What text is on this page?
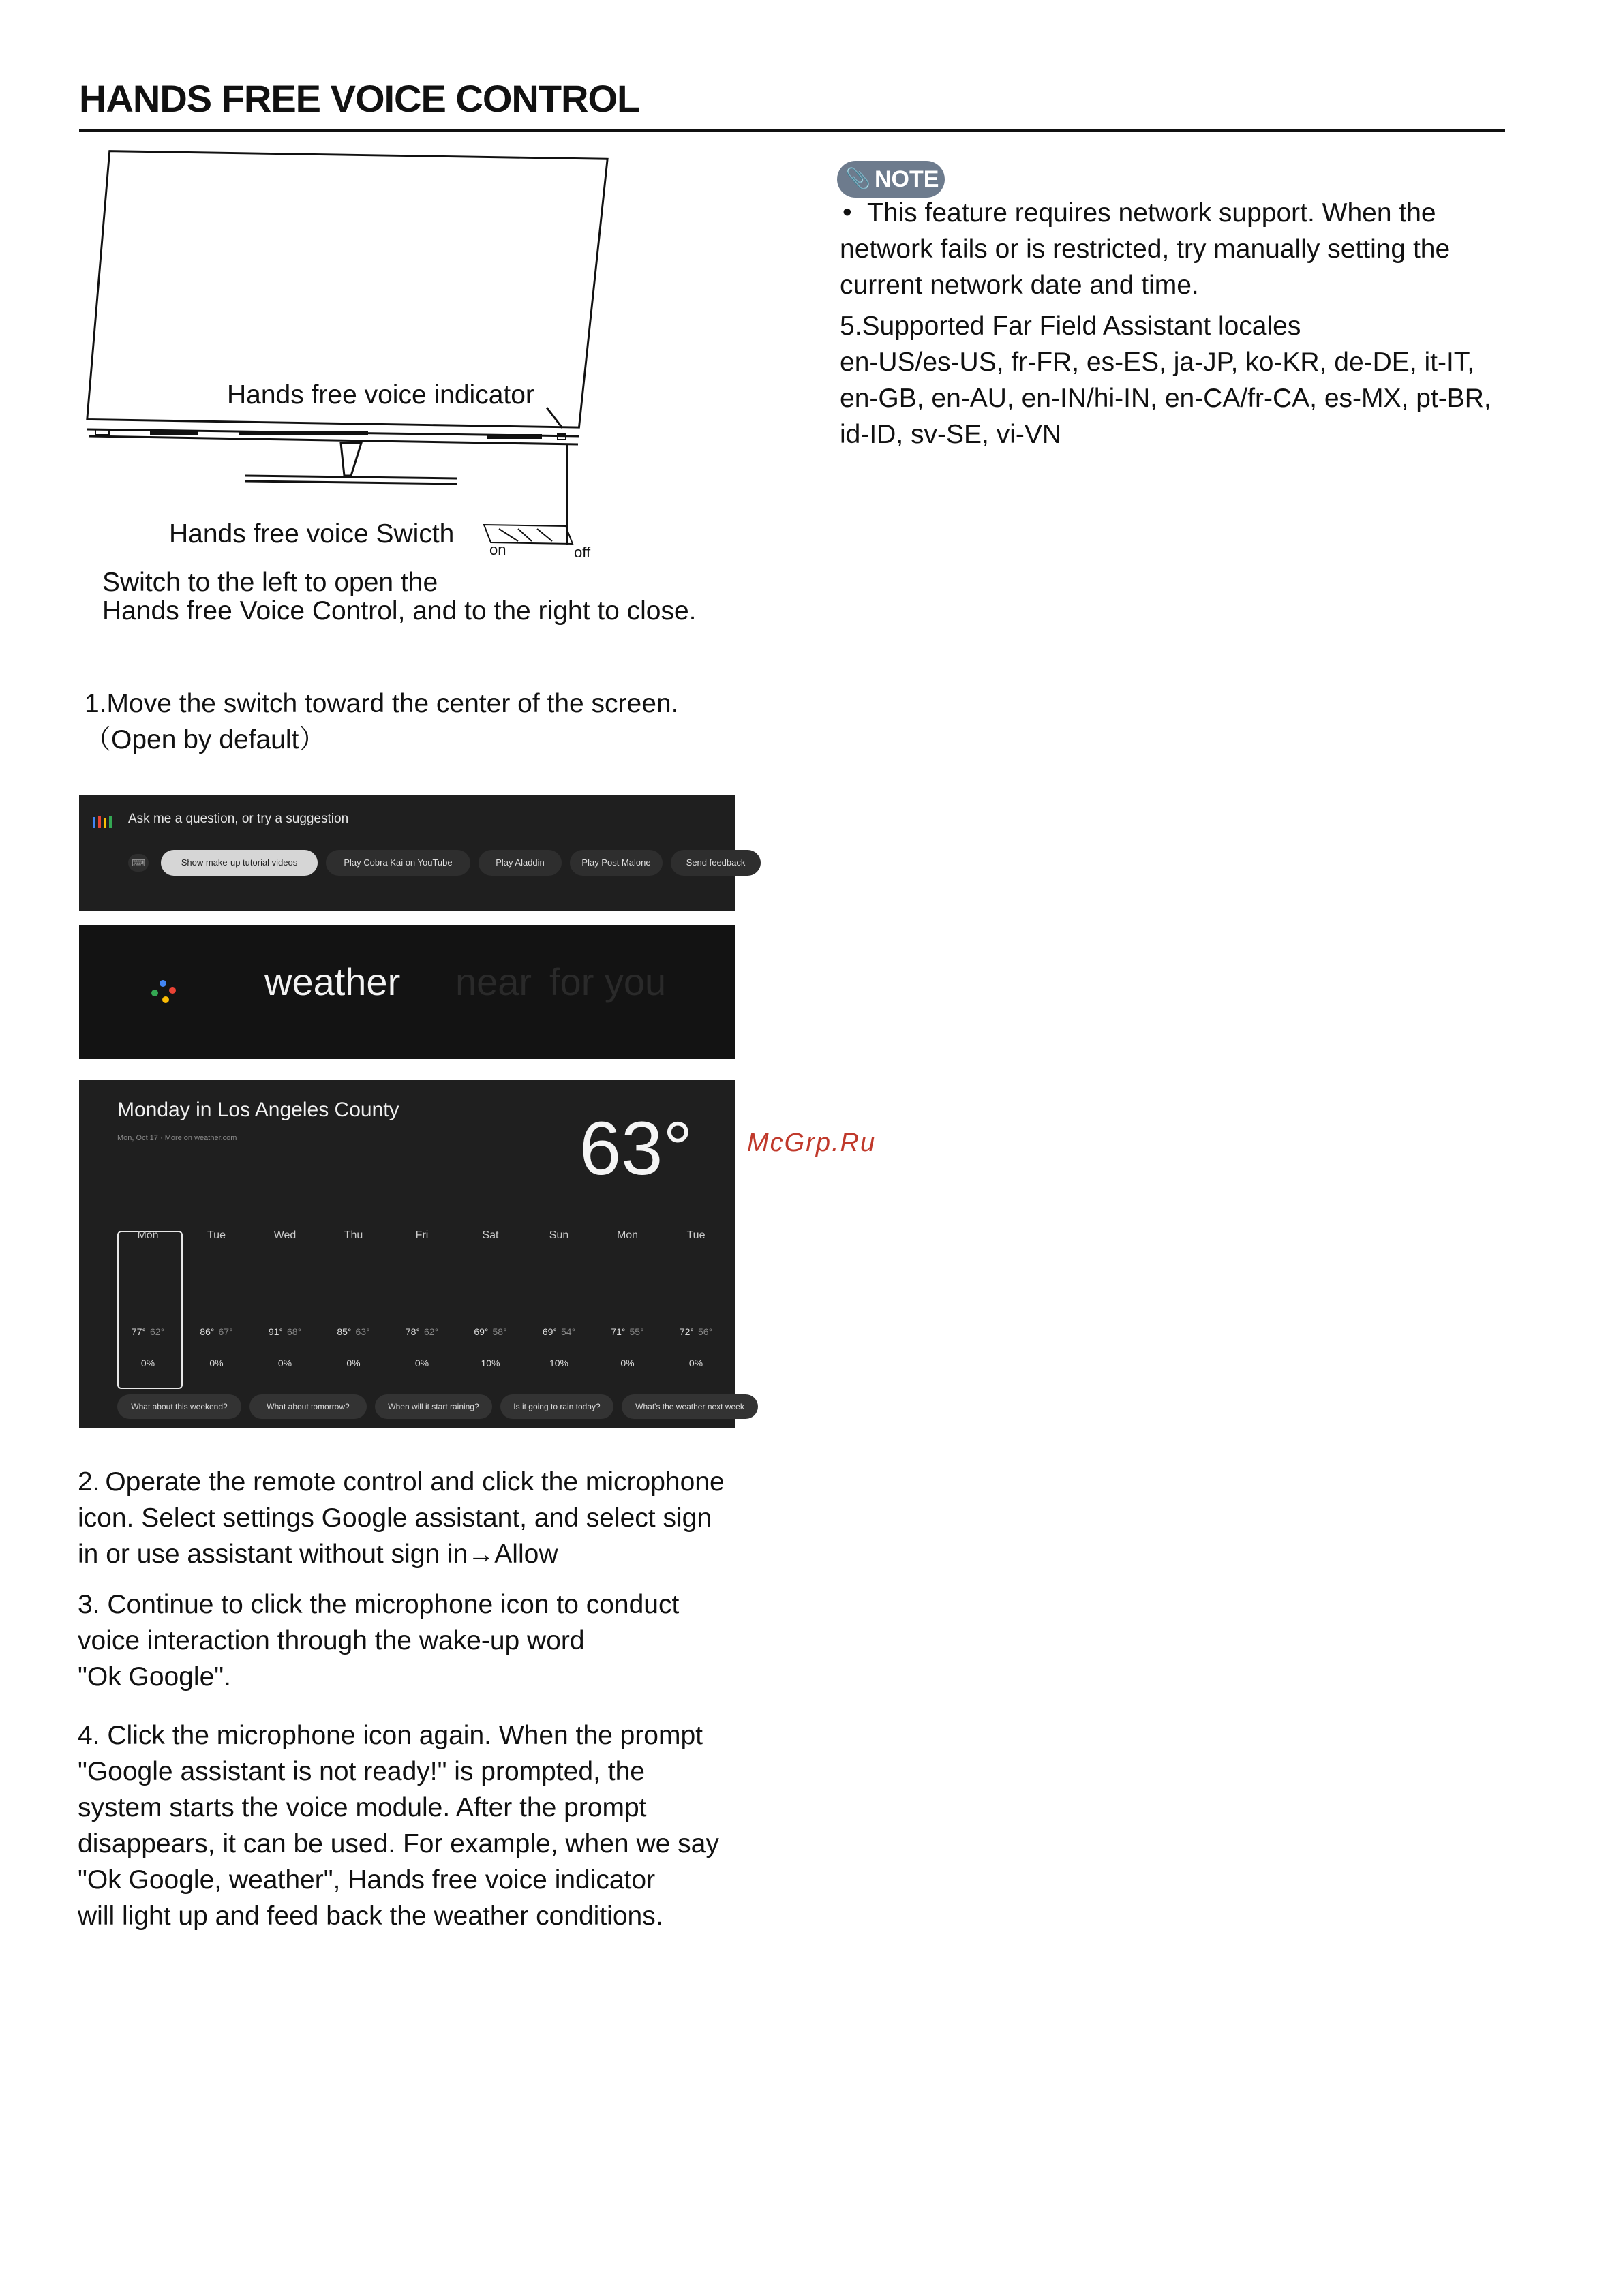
HANDS FREE VOICE CONTROL
Hands free voice indicator
Hands free voice Swicth
on	off
Switch to the left to open the
Hands free Voice Control, and to the right to close.
1.Move the switch toward the center of the screen.
（Open by default）
Ask me a question, or try a suggestion
⌨	Show make-up tutorial videos	Play Cobra Kai on YouTube	Play Aladdin	Play Post Malone	Send feedback
weather near for you
Monday in Los Angeles County
Mon, Oct 17 · More on weather.com	63°
What about this weekend?	What about tomorrow?	When will it start raining?	Is it going to rain today?	What's the weather next week
Mon
77° 62°
0%
Tue
86° 67°
0%
Wed
91° 68°
0%
Thu
85° 63°
0%
Fri
78° 62°
0%
Sat
69° 58°
10%
Sun
69° 54°
10%
Mon
71° 55°
0%
Tue
72° 56°
0%
2. Operate the remote control and click the microphone
icon. Select settings Google assistant, and select sign
in or use assistant without sign in→Allow
3. Continue to click the microphone icon to conduct
voice interaction through the wake-up word
"Ok Google".
4. Click the microphone icon again. When the prompt
"Google assistant is not ready!" is prompted, the
system starts the voice module. After the prompt
disappears, it can be used. For example, when we say
"Ok Google, weather", Hands free voice indicator
will light up and feed back the weather conditions.
📎 NOTE
• This feature requires network support. When the
network fails or is restricted, try manually setting the
current network date and time.
5.Supported Far Field Assistant locales
en-US/es-US, fr-FR, es-ES, ja-JP, ko-KR, de-DE, it-IT,
en-GB, en-AU, en-IN/hi-IN, en-CA/fr-CA, es-MX, pt-BR,
id-ID, sv-SE, vi-VN
McGrp.Ru
